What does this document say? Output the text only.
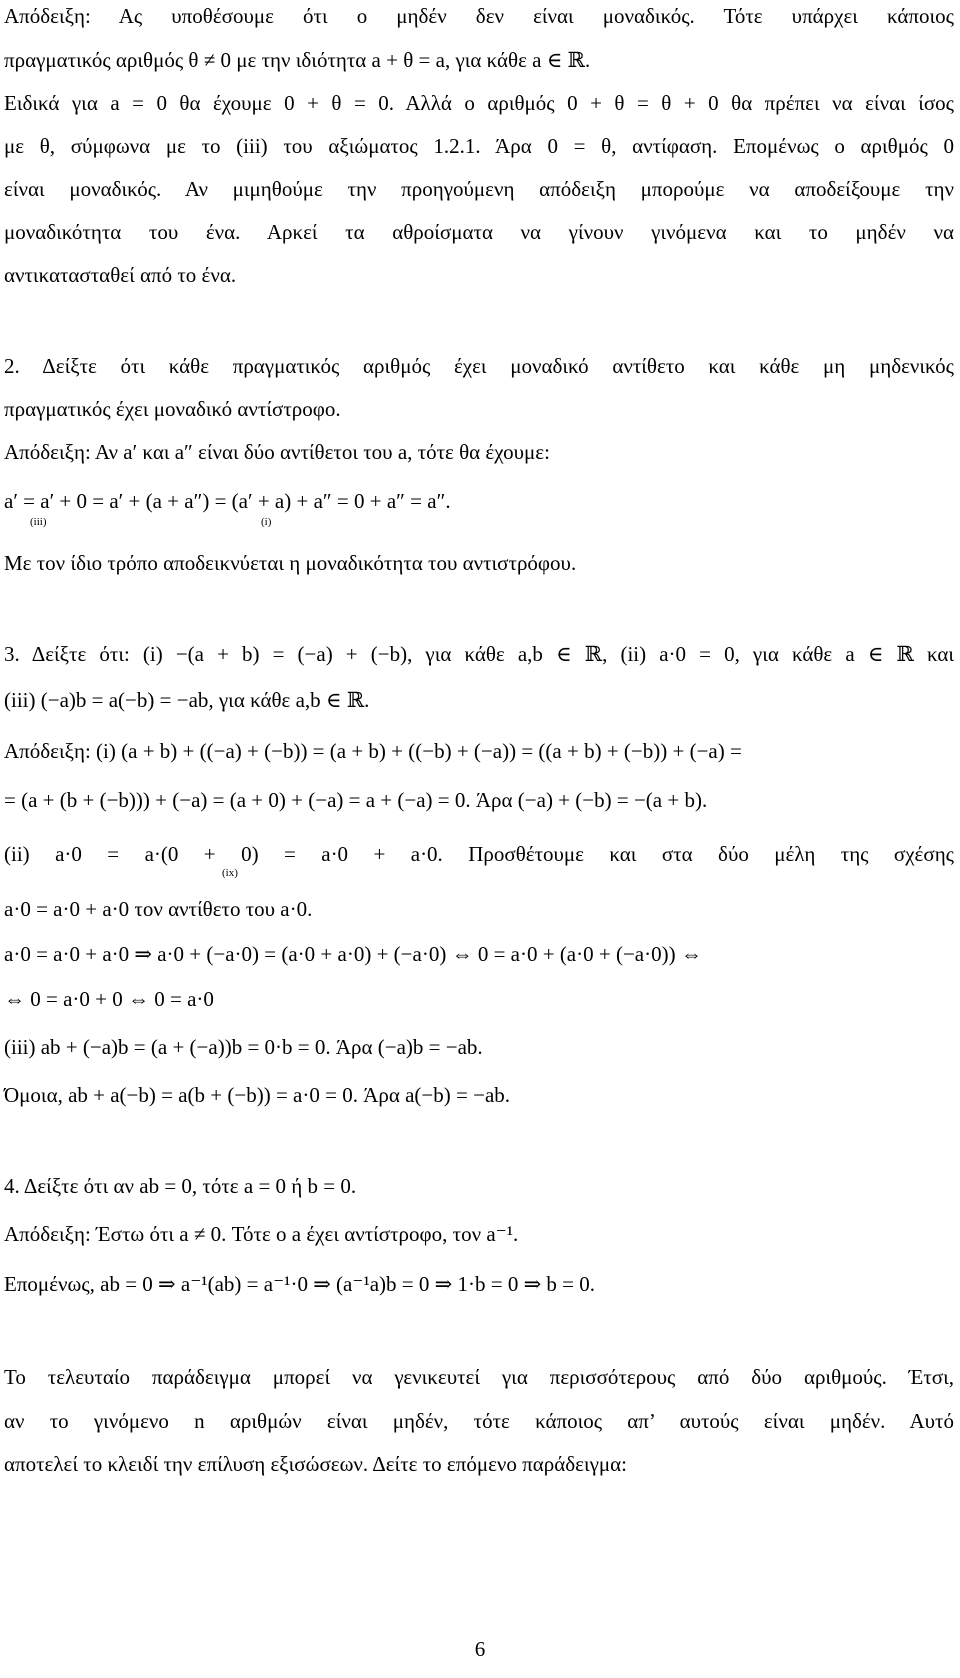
Απόδειξη: Ας υποθέσουμε ότι ο μηδέν δεν είναι μοναδικός. Τότε υπάρχει κάποιος
πραγματικός αριθμός θ ≠ 0 με την ιδιότητα a + θ = a, για κάθε a ∈ ℝ.
Ειδικά για a = 0 θα έχουμε 0 + θ = 0. Αλλά ο αριθμός 0 + θ = θ + 0 θα πρέπει να είναι ίσος
με θ, σύμφωνα με το (iii) του αξιώματος 1.2.1. Άρα 0 = θ, αντίφαση. Επομένως ο αριθμός 0
είναι μοναδικός. Αν μιμηθούμε την προηγούμενη απόδειξη μπορούμε να αποδείξουμε την
μοναδικότητα του ένα. Αρκεί τα αθροίσματα να γίνουν γινόμενα και το μηδέν να
αντικατασταθεί από το ένα.
2. Δείξτε ότι κάθε πραγματικός αριθμός έχει μοναδικό αντίθετο και κάθε μη μηδενικός
πραγματικός έχει μοναδικό αντίστροφο.
Απόδειξη: Αν a′ και a″ είναι δύο αντίθετοι του a, τότε θα έχουμε:
a′ = a′ + 0 = a′ + (a + a″) = (a′ + a) + a″ = 0 + a″ = a″.
(iii)	(i)
Με τον ίδιο τρόπο αποδεικνύεται η μοναδικότητα του αντιστρόφου.
3. Δείξτε ότι: (i) −(a + b) = (−a) + (−b), για κάθε a,b ∈ ℝ, (ii) a·0 = 0, για κάθε a ∈ ℝ και
(iii) (−a)b = a(−b) = −ab, για κάθε a,b ∈ ℝ.
Απόδειξη: (i) (a + b) + ((−a) + (−b)) = (a + b) + ((−b) + (−a)) = ((a + b) + (−b)) + (−a) =
= (a + (b + (−b))) + (−a) = (a + 0) + (−a) = a + (−a) = 0. Άρα (−a) + (−b) = −(a + b).
(ii) a·0 = a·(0 + 0) = a·0 + a·0. Προσθέτουμε και στα δύο μέλη της σχέσης
(ix)
a·0 = a·0 + a·0 τον αντίθετο του a·0.
a·0 = a·0 + a·0 ⇒ a·0 + (−a·0) = (a·0 + a·0) + (−a·0) ⇔ 0 = a·0 + (a·0 + (−a·0)) ⇔
⇔ 0 = a·0 + 0 ⇔ 0 = a·0
(iii) ab + (−a)b = (a + (−a))b = 0·b = 0. Άρα (−a)b = −ab.
Όμοια, ab + a(−b) = a(b + (−b)) = a·0 = 0. Άρα a(−b) = −ab.
4. Δείξτε ότι αν ab = 0, τότε a = 0 ή b = 0.
Απόδειξη: Έστω ότι a ≠ 0. Τότε ο a έχει αντίστροφο, τον a⁻¹.
Επομένως, ab = 0 ⇒ a⁻¹(ab) = a⁻¹·0 ⇒ (a⁻¹a)b = 0 ⇒ 1·b = 0 ⇒ b = 0.
Το τελευταίο παράδειγμα μπορεί να γενικευτεί για περισσότερους από δύο αριθμούς. Έτσι,
αν το γινόμενο n αριθμών είναι μηδέν, τότε κάποιος απ’ αυτούς είναι μηδέν. Αυτό
αποτελεί το κλειδί την επίλυση εξισώσεων. Δείτε το επόμενο παράδειγμα:
6
